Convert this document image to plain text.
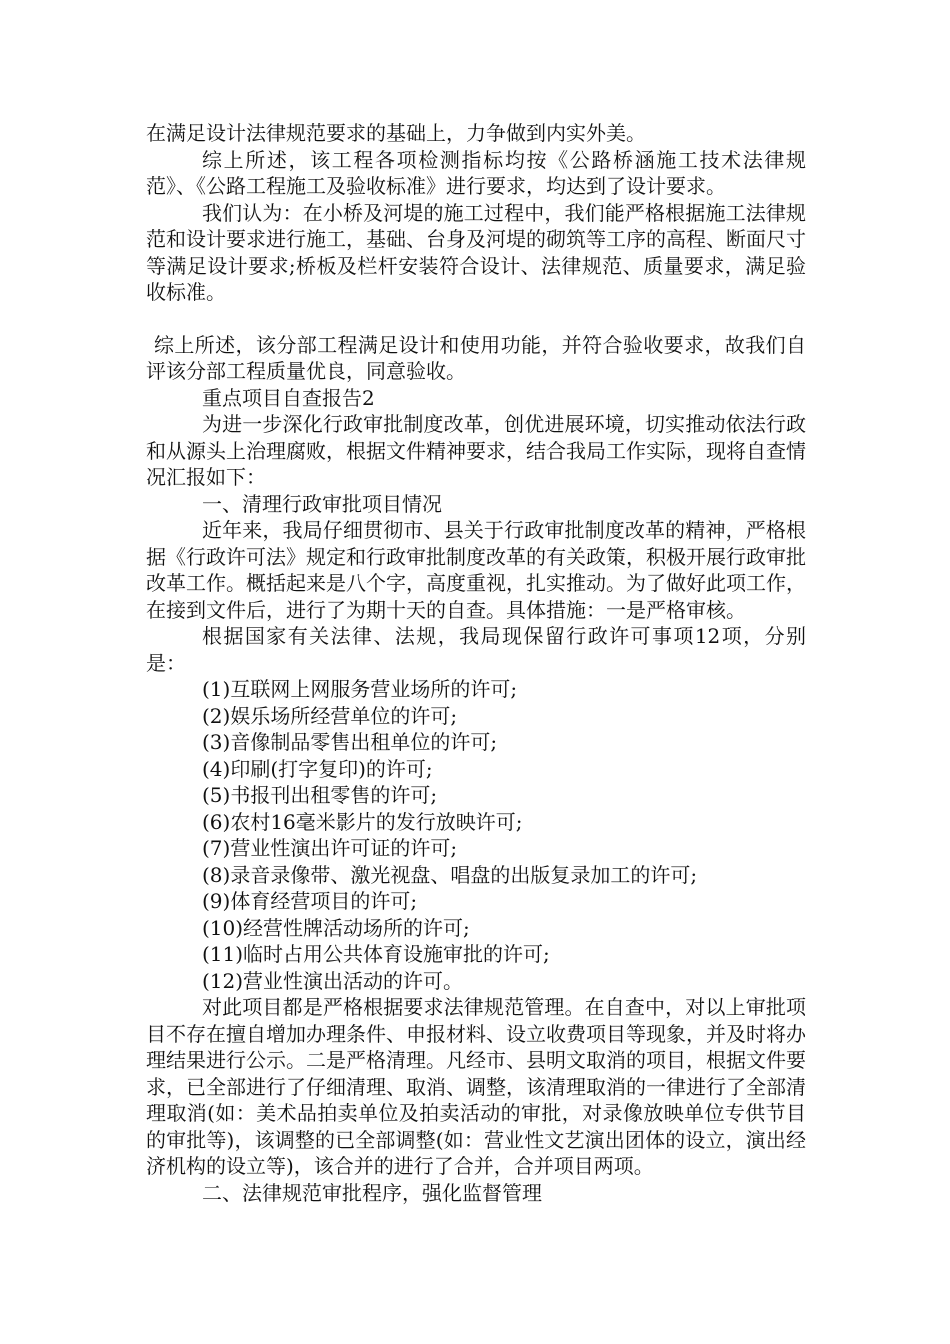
在满足设计法律规范要求的基础上，力争做到内实外美。

综上所述，该工程各项检测指标均按《公路桥涵施工技术法律规范》、《公路工程施工及验收标准》进行要求，均达到了设计要求。

我们认为：在小桥及河堤的施工过程中，我们能严格根据施工法律规范和设计要求进行施工，基础、台身及河堤的砌筑等工序的高程、断面尺寸等满足设计要求;桥板及栏杆安装符合设计、法律规范、质量要求，满足验收标准。

综上所述，该分部工程满足设计和使用功能，并符合验收要求，故我们自评该分部工程质量优良，同意验收。

重点项目自查报告2

为进一步深化行政审批制度改革，创优进展环境，切实推动依法行政和从源头上治理腐败，根据文件精神要求，结合我局工作实际，现将自查情况汇报如下：

一、清理行政审批项目情况

近年来，我局仔细贯彻市、县关于行政审批制度改革的精神，严格根据《行政许可法》规定和行政审批制度改革的有关政策，积极开展行政审批改革工作。概括起来是八个字，高度重视，扎实推动。为了做好此项工作，在接到文件后，进行了为期十天的自查。具体措施：一是严格审核。

根据国家有关法律、法规，我局现保留行政许可事项12项，分别是：

(1)互联网上网服务营业场所的许可;

(2)娱乐场所经营单位的许可;

(3)音像制品零售出租单位的许可;

(4)印刷(打字复印)的许可;

(5)书报刊出租零售的许可;

(6)农村16毫米影片的发行放映许可;

(7)营业性演出许可证的许可;

(8)录音录像带、激光视盘、唱盘的出版复录加工的许可;

(9)体育经营项目的许可;

(10)经营性牌活动场所的许可;

(11)临时占用公共体育设施审批的许可;

(12)营业性演出活动的许可。

对此项目都是严格根据要求法律规范管理。在自查中，对以上审批项目不存在擅自增加办理条件、申报材料、设立收费项目等现象，并及时将办理结果进行公示。二是严格清理。凡经市、县明文取消的项目，根据文件要求，已全部进行了仔细清理、取消、调整，该清理取消的一律进行了全部清理取消(如：美术品拍卖单位及拍卖活动的审批，对录像放映单位专供节目的审批等)，该调整的已全部调整(如：营业性文艺演出团体的设立，演出经济机构的设立等)，该合并的进行了合并，合并项目两项。

二、法律规范审批程序，强化监督管理
